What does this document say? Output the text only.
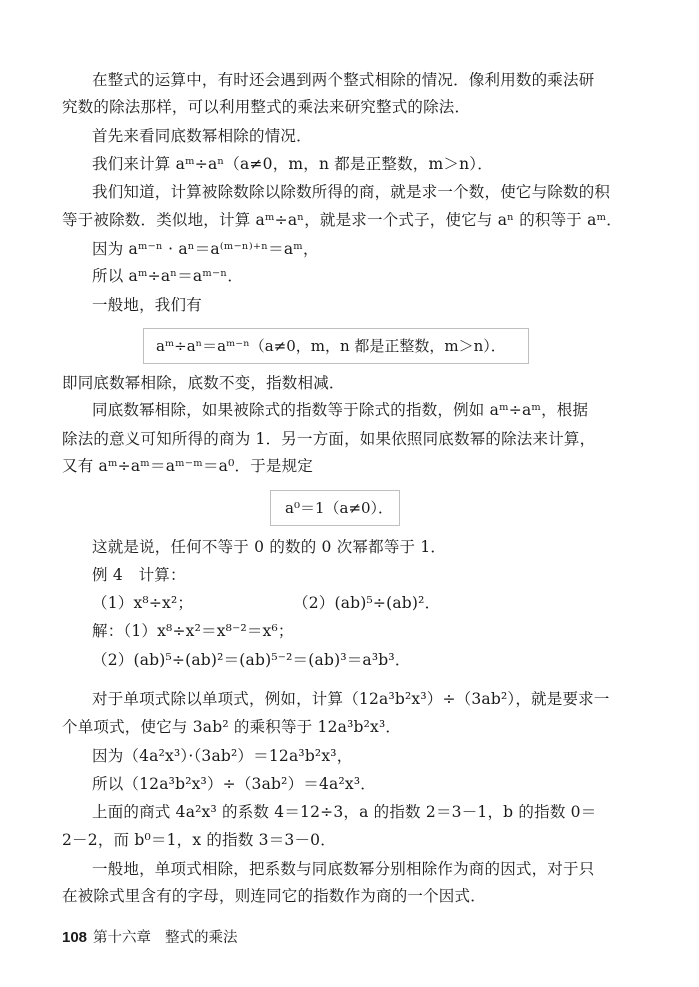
在整式的运算中，有时还会遇到两个整式相除的情况．像利用数的乘法研
究数的除法那样，可以利用整式的乘法来研究整式的除法．
首先来看同底数幂相除的情况．
我们来计算 aᵐ÷aⁿ（a≠0，m，n 都是正整数，m＞n）．
我们知道，计算被除数除以除数所得的商，就是求一个数，使它与除数的积
等于被除数．类似地，计算 aᵐ÷aⁿ，就是求一个式子，使它与 aⁿ 的积等于 aᵐ．
因为 aᵐ⁻ⁿ · aⁿ＝a⁽ᵐ⁻ⁿ⁾⁺ⁿ＝aᵐ，
所以 aᵐ÷aⁿ＝aᵐ⁻ⁿ．
一般地，我们有
aᵐ÷aⁿ＝aᵐ⁻ⁿ（a≠0，m，n 都是正整数，m＞n）．
即同底数幂相除，底数不变，指数相减．
同底数幂相除，如果被除式的指数等于除式的指数，例如 aᵐ÷aᵐ，根据
除法的意义可知所得的商为 1．另一方面，如果依照同底数幂的除法来计算，
又有 aᵐ÷aᵐ＝aᵐ⁻ᵐ＝a⁰．于是规定
a⁰＝1（a≠0）．
这就是说，任何不等于 0 的数的 0 次幂都等于 1．
例 4　计算：
（1）x⁸÷x²；	（2）(ab)⁵÷(ab)²．
解：（1）x⁸÷x²＝x⁸⁻²＝x⁶；
（2）(ab)⁵÷(ab)²＝(ab)⁵⁻²＝(ab)³＝a³b³．
对于单项式除以单项式，例如，计算（12a³b²x³）÷（3ab²），就是要求一
个单项式，使它与 3ab² 的乘积等于 12a³b²x³．
因为（4a²x³）·（3ab²）＝12a³b²x³，
所以（12a³b²x³）÷（3ab²）＝4a²x³．
上面的商式 4a²x³ 的系数 4＝12÷3，a 的指数 2＝3－1，b 的指数 0＝
2－2，而 b⁰＝1，x 的指数 3＝3－0．
一般地，单项式相除，把系数与同底数幂分别相除作为商的因式，对于只
在被除式里含有的字母，则连同它的指数作为商的一个因式．
108 第十六章 整式的乘法
